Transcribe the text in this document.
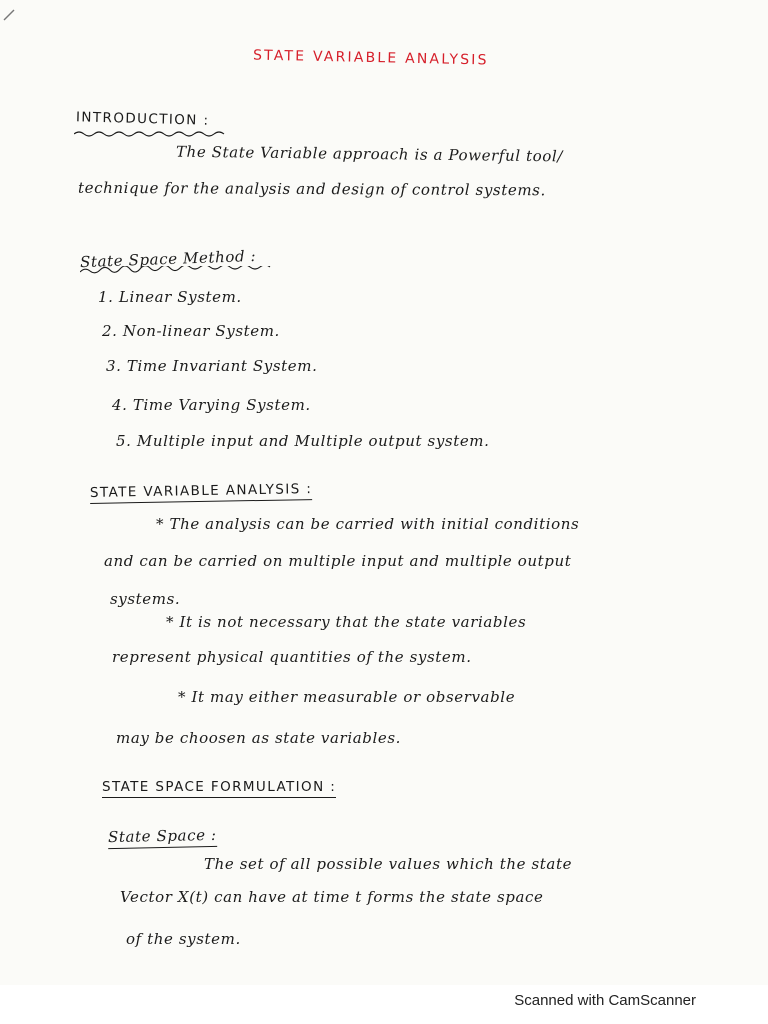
STATE VARIABLE ANALYSIS
INTRODUCTION :
The State Variable approach is a Powerful tool/
technique for the analysis and design of control systems.
State Space Method :
1. Linear System.
2. Non-linear System.
3. Time Invariant System.
4. Time Varying System.
5. Multiple input and Multiple output system.
STATE VARIABLE ANALYSIS :
* The analysis can be carried with initial conditions
and can be carried on multiple input and multiple output
systems.
* It is not necessary that the state variables
represent physical quantities of the system.
* It may either measurable or observable
may be choosen as state variables.
STATE SPACE FORMULATION :
State Space :
The set of all possible values which the state
Vector X(t) can have at time t forms the state space
of the system.
Scanned with CamScanner
